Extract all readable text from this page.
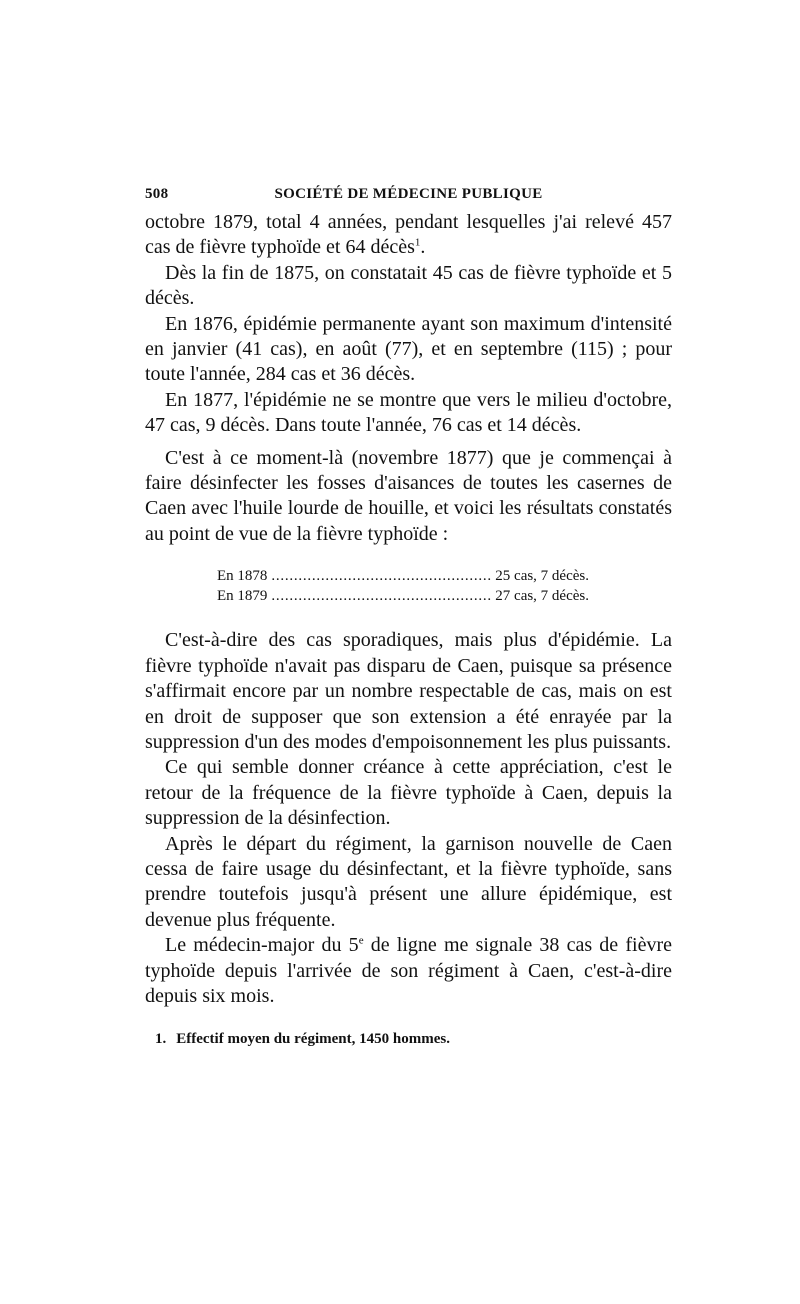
508	SOCIÉTÉ DE MÉDECINE PUBLIQUE

octobre 1879, total 4 années, pendant lesquelles j'ai relevé 457 cas de fièvre typhoïde et 64 décès$^1$.

Dès la fin de 1875, on constatait 45 cas de fièvre typhoïde et 5 décès.

En 1876, épidémie permanente ayant son maximum d'intensité en janvier (41 cas), en août (77), et en septembre (115) ; pour toute l'année, 284 cas et 36 décès.

En 1877, l'épidémie ne se montre que vers le milieu d'octobre, 47 cas, 9 décès. Dans toute l'année, 76 cas et 14 décès.

C'est à ce moment-là (novembre 1877) que je commençai à faire désinfecter les fosses d'aisances de toutes les casernes de Caen avec l'huile lourde de houille, et voici les résultats constatés au point de vue de la fièvre typhoïde :

En 1878 . . .	25 cas, 7 décès.
En 1879 . . .	27 cas, 7 décès.

C'est-à-dire des cas sporadiques, mais plus d'épidémie. La fièvre typhoïde n'avait pas disparu de Caen, puisque sa présence s'affirmait encore par un nombre respectable de cas, mais on est en droit de supposer que son extension a été enrayée par la suppression d'un des modes d'empoisonnement les plus puissants.

Ce qui semble donner créance à cette appréciation, c'est le retour de la fréquence de la fièvre typhoïde à Caen, depuis la suppression de la désinfection.

Après le départ du régiment, la garnison nouvelle de Caen cessa de faire usage du désinfectant, et la fièvre typhoïde, sans prendre toutefois jusqu'à présent une allure épidémique, est devenue plus fréquente.

Le médecin-major du 5e de ligne me signale 38 cas de fièvre typhoïde depuis l'arrivée de son régiment à Caen, c'est-à-dire depuis six mois.

1. Effectif moyen du régiment, 1450 hommes.
